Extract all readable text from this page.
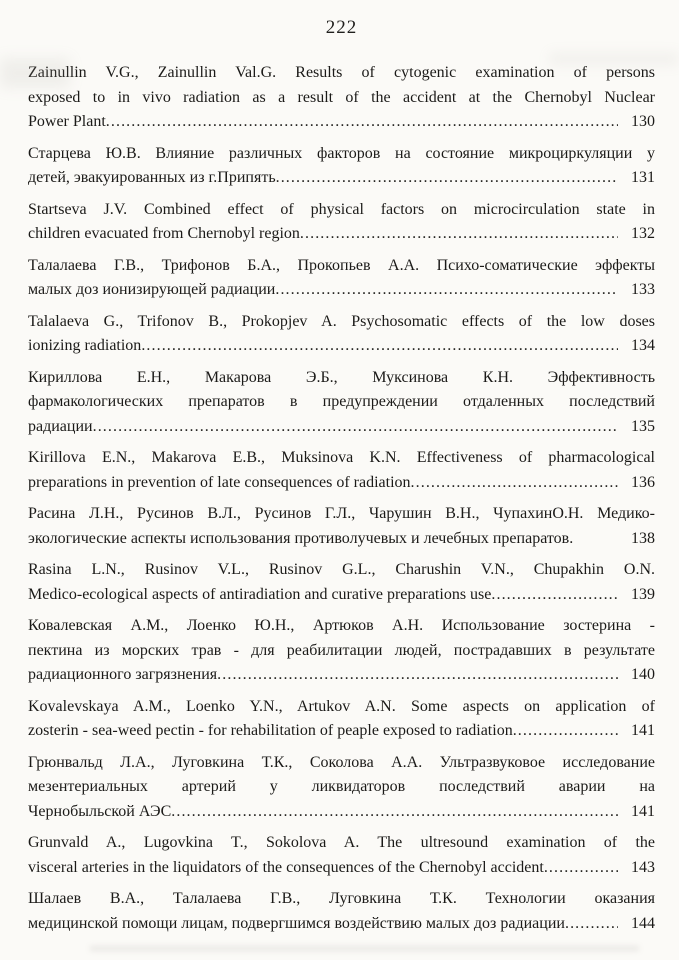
222
Zainullin V.G., Zainullin Val.G. Results of cytogenic examination of persons
exposed to in vivo radiation as a result of the accident at the Chernobyl Nuclear
Power Plant .....	130
Старцева Ю.В. Влияние различных факторов на состояние микроциркуляции у
детей, эвакуированных из г.Припять .....	131
Startseva J.V. Combined effect of physical factors on microcirculation state in
children evacuated from Chernobyl region .....	132
Талалаева Г.В., Трифонов Б.А., Прокопьев А.А. Психо-соматические эффекты
малых доз ионизирующей радиации .....	133
Talalaeva G., Trifonov B., Prokopjev A. Psychosomatic effects of the low doses
ionizing radiation .....	134
Кириллова Е.Н., Макарова Э.Б., Муксинова К.Н. Эффективность
фармакологических препаратов в предупреждении отдаленных последствий
радиации .....	135
Kirillova E.N., Makarova E.B., Muksinova K.N. Effectiveness of pharmacological
preparations in prevention of late consequences of radiation .....	136
Расина Л.Н., Русинов В.Л., Русинов Г.Л., Чарушин В.Н., ЧупахинО.Н. Медико-
экологические аспекты использования противолучевых и лечебных препаратов.	138
Rasina L.N., Rusinov V.L., Rusinov G.L., Charushin V.N., Chupakhin O.N.
Medico-ecological aspects of antiradiation and curative preparations use .....	139
Ковалевская А.М., Лоенко Ю.Н., Артюков А.Н. Использование зостерина -
пектина из морских трав - для реабилитации людей, пострадавших в результате
радиационного загрязнения .....	140
Kovalevskaya A.M., Loenko Y.N., Artukov A.N. Some aspects on application of
zosterin - sea-weed pectin - for rehabilitation of peaple exposed to radiation .....	141
Грюнвальд Л.А., Луговкина Т.К., Соколова А.А. Ультразвуковое исследование
мезентериальных артерий у ликвидаторов последствий аварии на
Чернобыльской АЭС .....	141
Grunvald A., Lugovkina T., Sokolova A. The ultresound examination of the
visceral arteries in the liquidators of the consequences of the Chernobyl accident .....	143
Шалаев В.А., Талалаева Г.В., Луговкина Т.К. Технологии оказания
медицинской помощи лицам, подвергшимся воздействию малых доз радиации .....	144
